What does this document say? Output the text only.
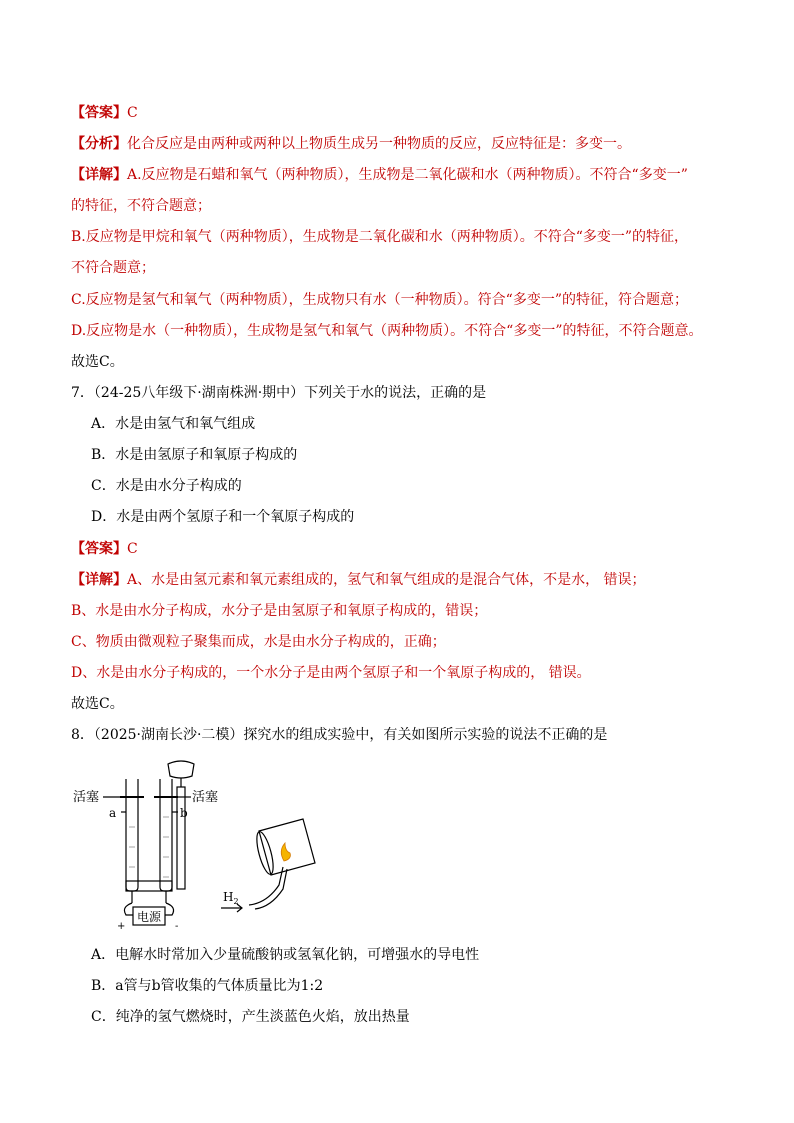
【答案】C
【分析】化合反应是由两种或两种以上物质生成另一种物质的反应，反应特征是：多变一。
【详解】A.反应物是石蜡和氧气（两种物质），生成物是二氧化碳和水（两种物质）。不符合“多变一”
的特征，不符合题意；
B.反应物是甲烷和氧气（两种物质），生成物是二氧化碳和水（两种物质）。不符合“多变一”的特征，
不符合题意；
C.反应物是氢气和氧气（两种物质），生成物只有水（一种物质）。符合“多变一”的特征，符合题意；
D.反应物是水（一种物质），生成物是氢气和氧气（两种物质）。不符合“多变一”的特征，不符合题意。
故选C。
7．（24-25八年级下·湖南株洲·期中）下列关于水的说法，正确的是
A．水是由氢气和氧气组成
B．水是由氢原子和氧原子构成的
C．水是由水分子构成的
D．水是由两个氢原子和一个氧原子构成的
【答案】C
【详解】A、水是由氢元素和氧元素组成的，氢气和氧气组成的是混合气体，不是水， 错误；
B、水是由水分子构成，水分子是由氢原子和氧原子构成的，错误；
C、物质由微观粒子聚集而成，水是由水分子构成的，正确；
D、水是由水分子构成的，一个水分子是由两个氢原子和一个氧原子构成的， 错误。
故选C。
8．（2025·湖南长沙·二模）探究水的组成实验中，有关如图所示实验的说法不正确的是
活塞	活塞
a	b
电源
+	-
$H_2$
A．电解水时常加入少量硫酸钠或氢氧化钠，可增强水的导电性
B．a管与b管收集的气体质量比为1:2
C．纯净的氢气燃烧时，产生淡蓝色火焰，放出热量
